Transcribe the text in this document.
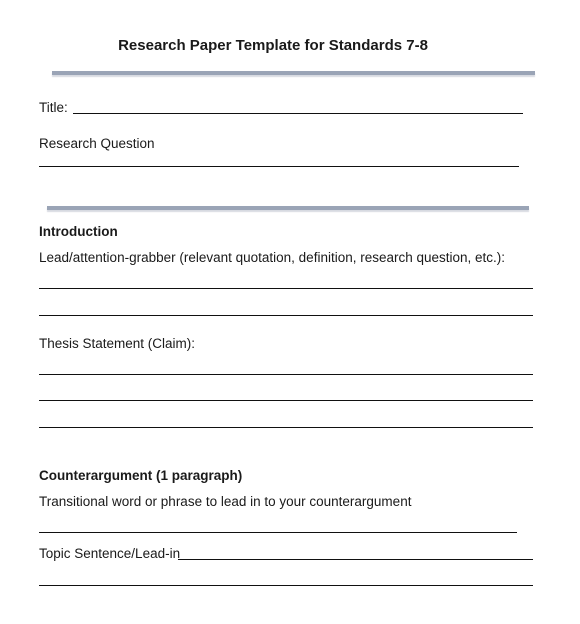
Research Paper Template for Standards 7-8
Title:
Research Question
Introduction
Lead/attention-grabber (relevant quotation, definition, research question, etc.):
Thesis Statement (Claim):
Counterargument (1 paragraph)
Transitional word or phrase to lead in to your counterargument
Topic Sentence/Lead-in
